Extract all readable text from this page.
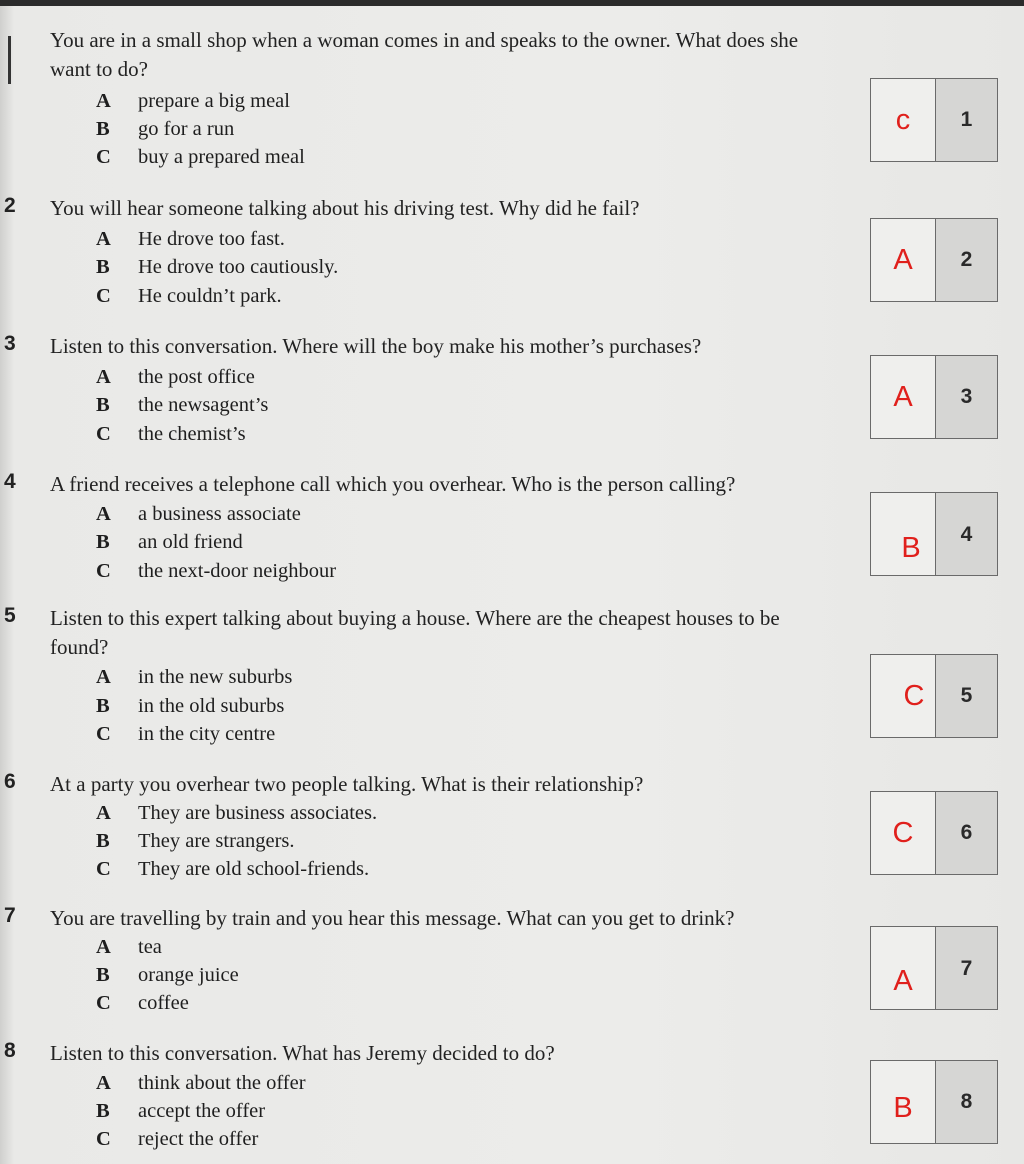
You are in a small shop when a woman comes in and speaks to the owner. What does she want to do?
A prepare a big meal
B go for a run
C buy a prepared meal
c	1
2 You will hear someone talking about his driving test. Why did he fail?
A He drove too fast.
B He drove too cautiously.
C He couldn’t park.
A	2
3 Listen to this conversation. Where will the boy make his mother’s purchases?
A the post office
B the newsagent’s
C the chemist’s
A	3
4 A friend receives a telephone call which you overhear. Who is the person calling?
A a business associate
B an old friend
C the next-door neighbour
B	4
5 Listen to this expert talking about buying a house. Where are the cheapest houses to be found?
A in the new suburbs
B in the old suburbs
C in the city centre
C	5
6 At a party you overhear two people talking. What is their relationship?
A They are business associates.
B They are strangers.
C They are old school-friends.
C	6
7 You are travelling by train and you hear this message. What can you get to drink?
A tea
B orange juice
C coffee
A	7
8 Listen to this conversation. What has Jeremy decided to do?
A think about the offer
B accept the offer
C reject the offer
B	8
